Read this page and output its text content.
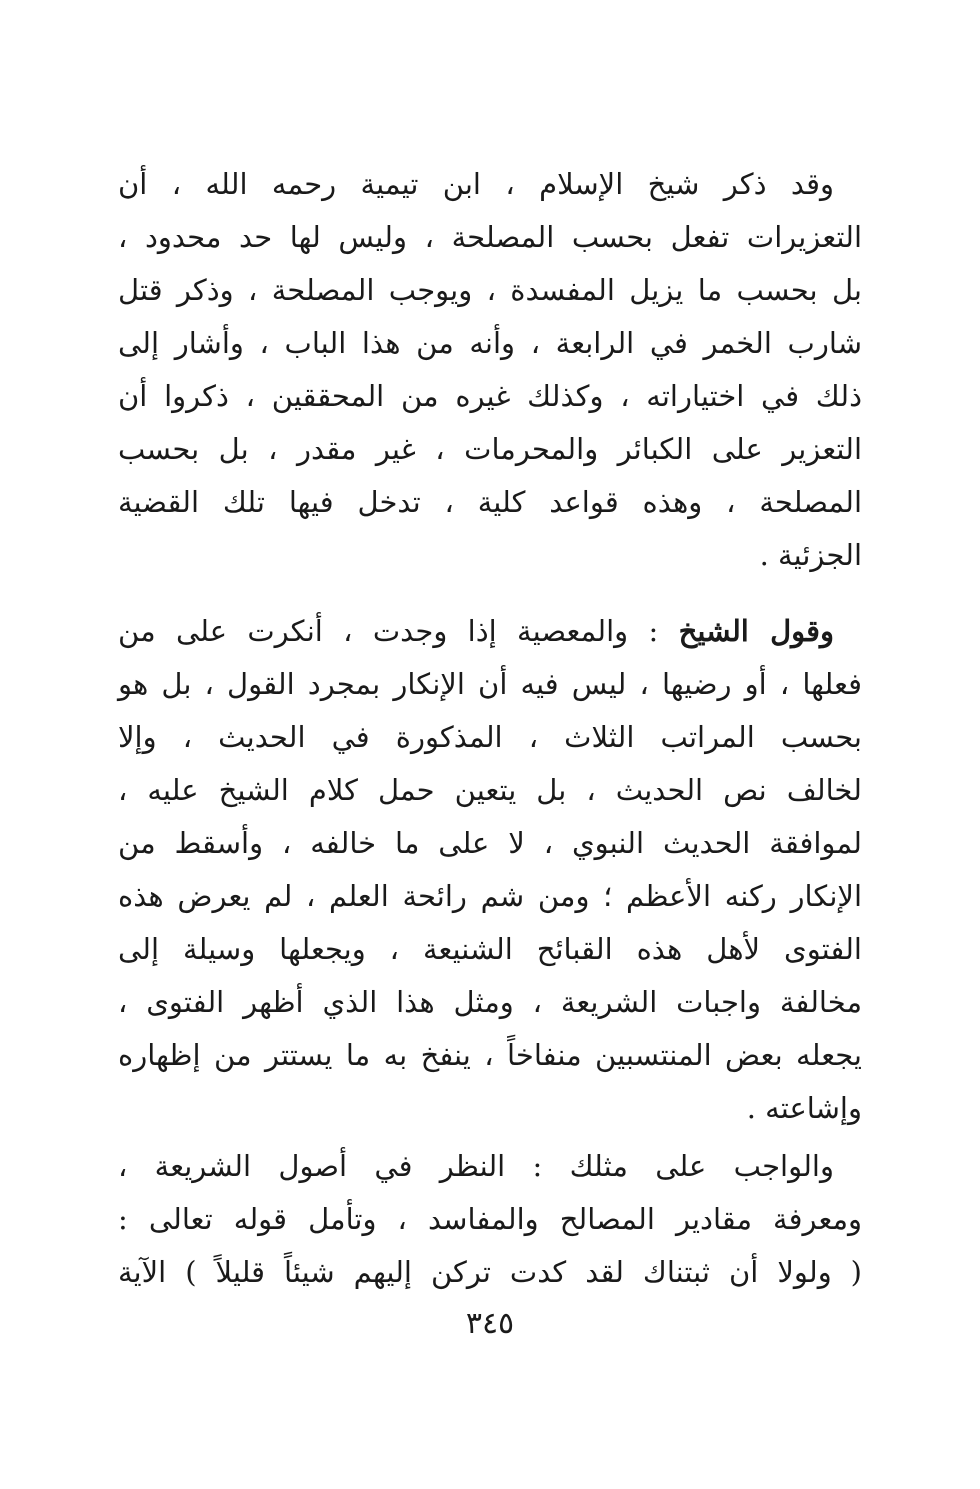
وقد ذكر شيخ الإسلام ، ابن تيمية رحمه الله ، أن
التعزيرات تفعل بحسب المصلحة ، وليس لها حد محدود ،
بل بحسب ما يزيل المفسدة ، ويوجب المصلحة ، وذكر قتل
شارب الخمر في الرابعة ، وأنه من هذا الباب ، وأشار إلى
ذلك في اختياراته ، وكذلك غيره من المحققين ، ذكروا أن
التعزير على الكبائر والمحرمات ، غير مقدر ، بل بحسب
المصلحة ، وهذه قواعد كلية ، تدخل فيها تلك القضية
الجزئية .
وقول الشيخ : والمعصية إذا وجدت ، أنكرت على من
فعلها ، أو رضيها ، ليس فيه أن الإنكار بمجرد القول ، بل هو
بحسب المراتب الثلاث ، المذكورة في الحديث ، وإلا
لخالف نص الحديث ، بل يتعين حمل كلام الشيخ عليه ،
لموافقة الحديث النبوي ، لا على ما خالفه ، وأسقط من
الإنكار ركنه الأعظم ؛ ومن شم رائحة العلم ، لم يعرض هذه
الفتوى لأهل هذه القبائح الشنيعة ، ويجعلها وسيلة إلى
مخالفة واجبات الشريعة ، ومثل هذا الذي أظهر الفتوى ،
يجعله بعض المنتسبين منفاخاً ، ينفخ به ما يستتر من إظهاره
وإشاعته .
والواجب على مثلك : النظر في أصول الشريعة ،
ومعرفة مقادير المصالح والمفاسد ، وتأمل قوله تعالى :
( ولولا أن ثبتناك لقد كدت تركن إليهم شيئاً قليلاً ) الآية
٣٤٥
